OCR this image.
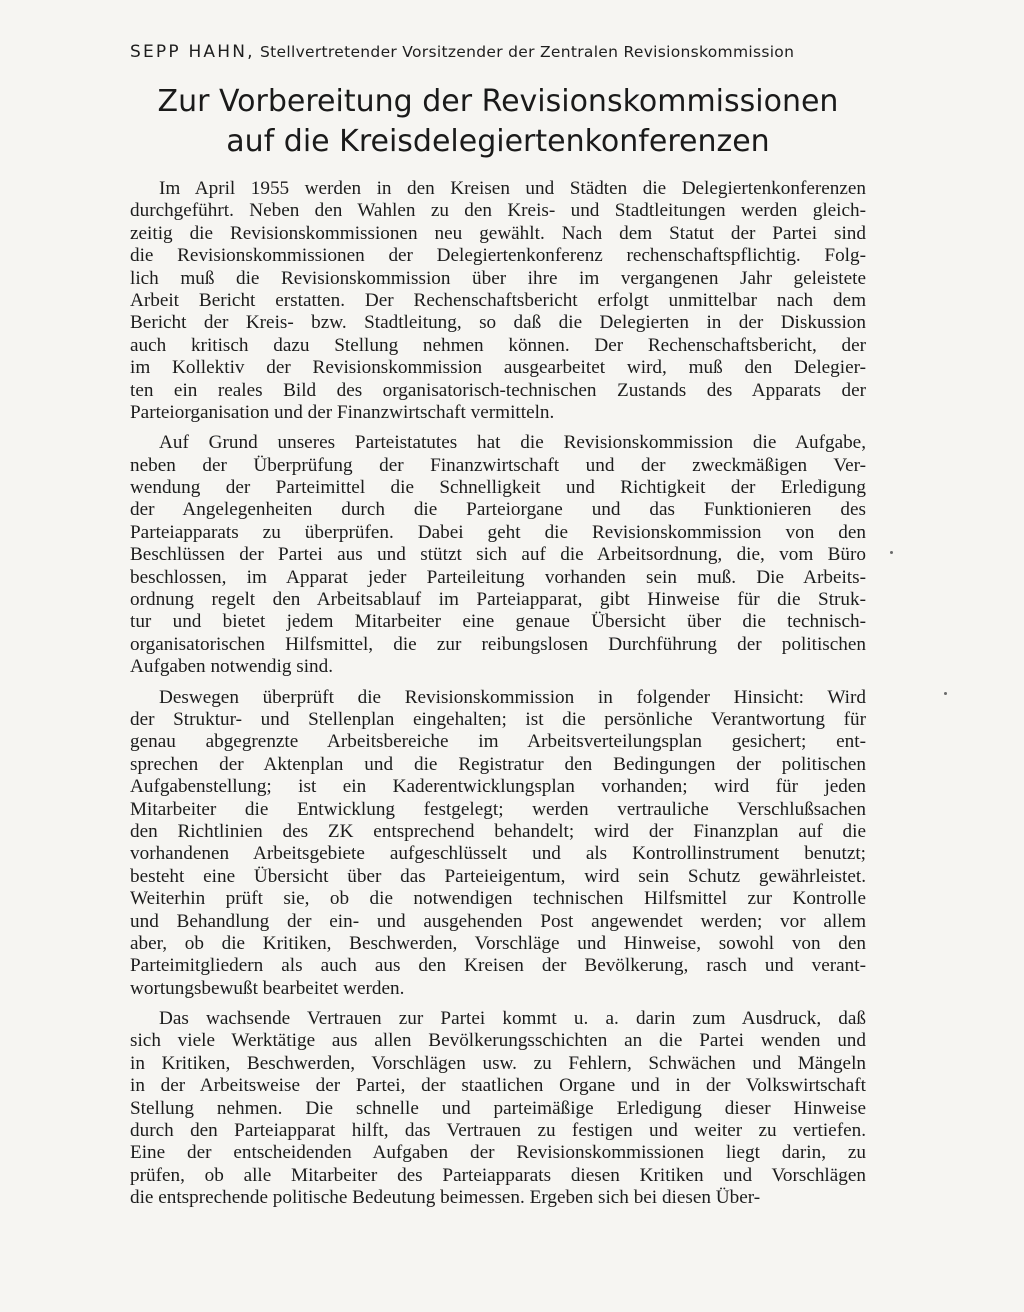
SEPP HAHN, Stellvertretender Vorsitzender der Zentralen Revisionskommission
Zur Vorbereitung der Revisionskommissionen
auf die Kreisdelegiertenkonferenzen

Im April 1955 werden in den Kreisen und Städten die Delegiertenkonferenzen
durchgeführt. Neben den Wahlen zu den Kreis- und Stadtleitungen werden gleich-
zeitig die Revisionskommissionen neu gewählt. Nach dem Statut der Partei sind
die Revisionskommissionen der Delegiertenkonferenz rechenschaftspflichtig. Folg-
lich muß die Revisionskommission über ihre im vergangenen Jahr geleistete
Arbeit Bericht erstatten. Der Rechenschaftsbericht erfolgt unmittelbar nach dem
Bericht der Kreis- bzw. Stadtleitung, so daß die Delegierten in der Diskussion
auch kritisch dazu Stellung nehmen können. Der Rechenschaftsbericht, der
im Kollektiv der Revisionskommission ausgearbeitet wird, muß den Delegier-
ten ein reales Bild des organisatorisch-technischen Zustands des Apparats der
Parteiorganisation und der Finanzwirtschaft vermitteln.

Auf Grund unseres Parteistatutes hat die Revisionskommission die Aufgabe,
neben der Überprüfung der Finanzwirtschaft und der zweckmäßigen Ver-
wendung der Parteimittel die Schnelligkeit und Richtigkeit der Erledigung
der Angelegenheiten durch die Parteiorgane und das Funktionieren des
Parteiapparats zu überprüfen. Dabei geht die Revisionskommission von den
Beschlüssen der Partei aus und stützt sich auf die Arbeitsordnung, die, vom Büro
beschlossen, im Apparat jeder Parteileitung vorhanden sein muß. Die Arbeits-
ordnung regelt den Arbeitsablauf im Parteiapparat, gibt Hinweise für die Struk-
tur und bietet jedem Mitarbeiter eine genaue Übersicht über die technisch-
organisatorischen Hilfsmittel, die zur reibungslosen Durchführung der politischen
Aufgaben notwendig sind.

Deswegen überprüft die Revisionskommission in folgender Hinsicht: Wird
der Struktur- und Stellenplan eingehalten; ist die persönliche Verantwortung für
genau abgegrenzte Arbeitsbereiche im Arbeitsverteilungsplan gesichert; ent-
sprechen der Aktenplan und die Registratur den Bedingungen der politischen
Aufgabenstellung; ist ein Kaderentwicklungsplan vorhanden; wird für jeden
Mitarbeiter die Entwicklung festgelegt; werden vertrauliche Verschlußsachen
den Richtlinien des ZK entsprechend behandelt; wird der Finanzplan auf die
vorhandenen Arbeitsgebiete aufgeschlüsselt und als Kontrollinstrument benutzt;
besteht eine Übersicht über das Parteieigentum, wird sein Schutz gewährleistet.
Weiterhin prüft sie, ob die notwendigen technischen Hilfsmittel zur Kontrolle
und Behandlung der ein- und ausgehenden Post angewendet werden; vor allem
aber, ob die Kritiken, Beschwerden, Vorschläge und Hinweise, sowohl von den
Parteimitgliedern als auch aus den Kreisen der Bevölkerung, rasch und verant-
wortungsbewußt bearbeitet werden.

Das wachsende Vertrauen zur Partei kommt u. a. darin zum Ausdruck, daß
sich viele Werktätige aus allen Bevölkerungsschichten an die Partei wenden und
in Kritiken, Beschwerden, Vorschlägen usw. zu Fehlern, Schwächen und Mängeln
in der Arbeitsweise der Partei, der staatlichen Organe und in der Volkswirtschaft
Stellung nehmen. Die schnelle und parteimäßige Erledigung dieser Hinweise
durch den Parteiapparat hilft, das Vertrauen zu festigen und weiter zu vertiefen.
Eine der entscheidenden Aufgaben der Revisionskommissionen liegt darin, zu
prüfen, ob alle Mitarbeiter des Parteiapparats diesen Kritiken und Vorschlägen
die entsprechende politische Bedeutung beimessen. Ergeben sich bei diesen Über-
